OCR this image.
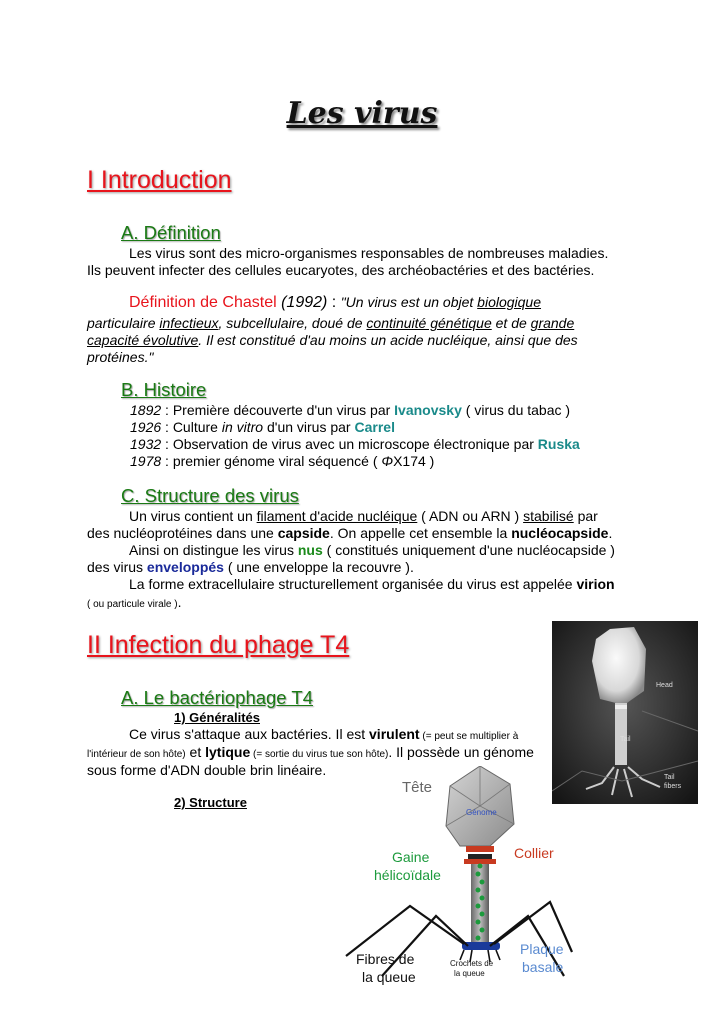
Les virus
I Introduction
A. Définition
Les virus sont des micro-organismes responsables de nombreuses maladies.
Ils peuvent infecter des cellules eucaryotes, des archéobactéries et des bactéries.
Définition de Chastel (1992) : "Un virus est un objet biologique
particulaire infectieux, subcellulaire, doué de continuité génétique et de grande
capacité évolutive. Il est constitué d'au moins un acide nucléique, ainsi que des
protéines."
B. Histoire
1892 : Première découverte d'un virus par Ivanovsky ( virus du tabac )
1926 : Culture in vitro d'un virus par Carrel
1932 : Observation de virus avec un microscope électronique par Ruska
1978 : premier génome viral séquencé ( ΦX174 )
C. Structure des virus
Un virus contient un filament d'acide nucléique ( ADN ou ARN ) stabilisé par
des nucléoprotéines dans une capside. On appelle cet ensemble la nucléocapside.
Ainsi on distingue les virus nus ( constitués uniquement d'une nucléocapside )
des virus enveloppés ( une enveloppe la recouvre ).
La forme extracellulaire structurellement organisée du virus est appelée virion
( ou particule virale ).
II Infection du phage T4
A. Le bactériophage T4
1) Généralités
Ce virus s'attaque aux bactéries. Il est virulent (= peut se multiplier à
l'intérieur de son hôte) et lytique (= sortie du virus tue son hôte). Il possède un génome
sous forme d'ADN double brin linéaire.
2) Structure
Head
Tail
Tail
fibers
Génome
Tête
Collier
Gaine
hélicoïdale
Fibres de
la queue
Crochets de
la queue
Plaque
basale
